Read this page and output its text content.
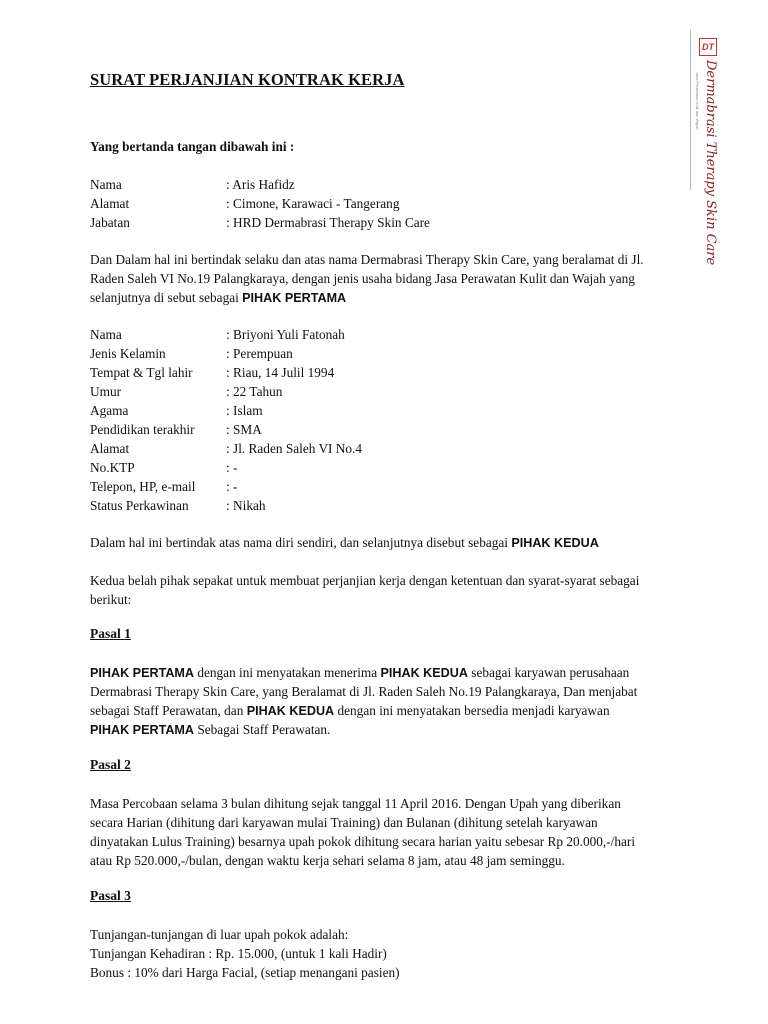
DT
Dermabrasi Therapy Skin Care
Jasa Perawatan Kulit dan Wajah
SURAT PERJANJIAN KONTRAK KERJA
Yang bertanda tangan dibawah ini :
Nama	: Aris Hafidz
Alamat	: Cimone, Karawaci - Tangerang
Jabatan	: HRD Dermabrasi Therapy Skin Care
Dan Dalam hal ini bertindak selaku dan atas nama Dermabrasi Therapy Skin Care, yang beralamat di Jl.
Raden Saleh VI No.19 Palangkaraya, dengan jenis usaha bidang Jasa Perawatan Kulit dan Wajah yang
selanjutnya di sebut sebagai PIHAK PERTAMA
Nama	: Briyoni Yuli Fatonah
Jenis Kelamin	: Perempuan
Tempat & Tgl lahir	: Riau, 14 Julil 1994
Umur	: 22 Tahun
Agama	: Islam
Pendidikan terakhir : SMA
Alamat	: Jl. Raden Saleh VI No.4
No.KTP	: -
Telepon, HP, e-mail : -
Status Perkawinan	: Nikah
Dalam hal ini bertindak atas nama diri sendiri, dan selanjutnya disebut sebagai PIHAK KEDUA
Kedua belah pihak sepakat untuk membuat perjanjian kerja dengan ketentuan dan syarat-syarat sebagai
berikut:
Pasal 1
PIHAK PERTAMA dengan ini menyatakan menerima PIHAK KEDUA sebagai karyawan perusahaan
Dermabrasi Therapy Skin Care, yang Beralamat di Jl. Raden Saleh No.19 Palangkaraya, Dan menjabat
sebagai Staff Perawatan, dan PIHAK KEDUA dengan ini menyatakan bersedia menjadi karyawan
PIHAK PERTAMA Sebagai Staff Perawatan.
Pasal 2
Masa Percobaan selama 3 bulan dihitung sejak tanggal 11 April 2016. Dengan Upah yang diberikan
secara Harian (dihitung dari karyawan mulai Training) dan Bulanan (dihitung setelah karyawan
dinyatakan Lulus Training) besarnya upah pokok dihitung secara harian yaitu sebesar Rp 20.000,-/hari
atau Rp 520.000,-/bulan, dengan waktu kerja sehari selama 8 jam, atau 48 jam seminggu.
Pasal 3
Tunjangan-tunjangan di luar upah pokok adalah:
Tunjangan Kehadiran : Rp. 15.000, (untuk 1 kali Hadir)
Bonus : 10% dari Harga Facial, (setiap menangani pasien)
